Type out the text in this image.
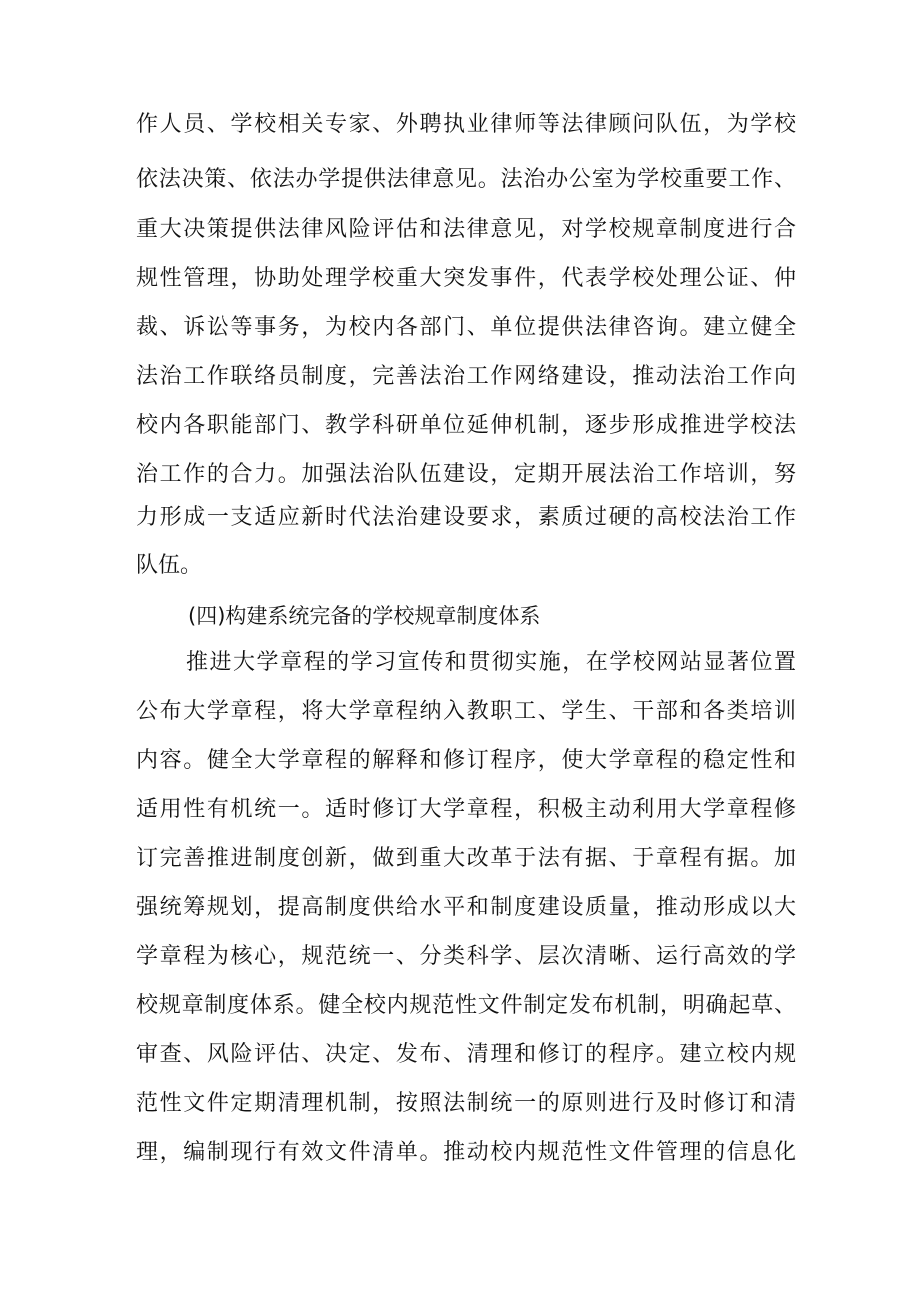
作人员、学校相关专家、外聘执业律师等法律顾问队伍，为学校
依法决策、依法办学提供法律意见。法治办公室为学校重要工作、
重大决策提供法律风险评估和法律意见，对学校规章制度进行合
规性管理，协助处理学校重大突发事件，代表学校处理公证、仲
裁、诉讼等事务，为校内各部门、单位提供法律咨询。建立健全
法治工作联络员制度，完善法治工作网络建设，推动法治工作向
校内各职能部门、教学科研单位延伸机制，逐步形成推进学校法
治工作的合力。加强法治队伍建设，定期开展法治工作培训，努
力形成一支适应新时代法治建设要求，素质过硬的高校法治工作
队伍。
(四)构建系统完备的学校规章制度体系
推进大学章程的学习宣传和贯彻实施，在学校网站显著位置
公布大学章程，将大学章程纳入教职工、学生、干部和各类培训
内容。健全大学章程的解释和修订程序，使大学章程的稳定性和
适用性有机统一。适时修订大学章程，积极主动利用大学章程修
订完善推进制度创新，做到重大改革于法有据、于章程有据。加
强统筹规划，提高制度供给水平和制度建设质量，推动形成以大
学章程为核心，规范统一、分类科学、层次清晰、运行高效的学
校规章制度体系。健全校内规范性文件制定发布机制，明确起草、
审查、风险评估、决定、发布、清理和修订的程序。建立校内规
范性文件定期清理机制，按照法制统一的原则进行及时修订和清
理，编制现行有效文件清单。推动校内规范性文件管理的信息化
